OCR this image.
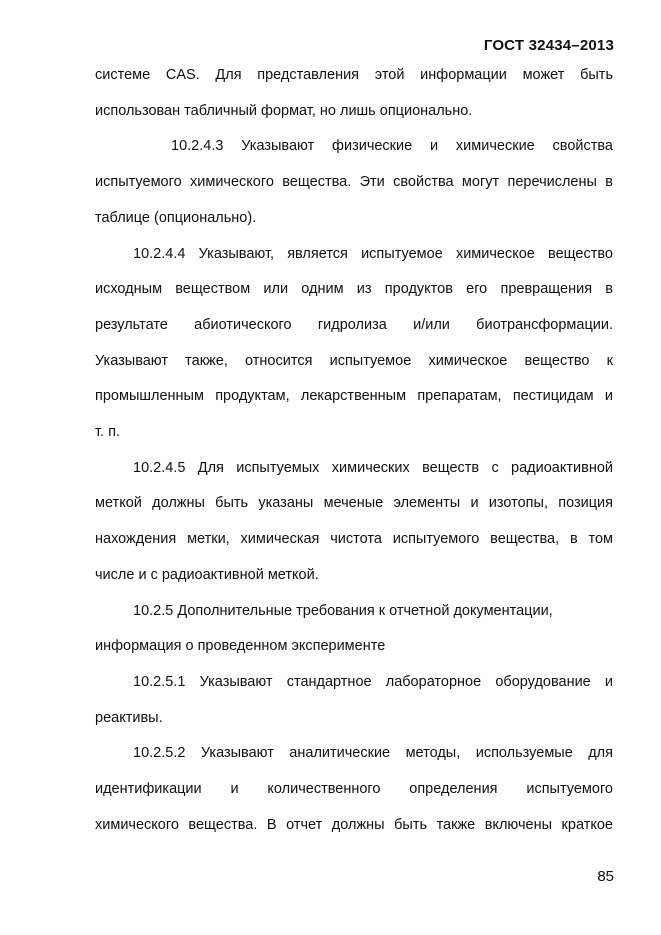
ГОСТ 32434–2013
системе CAS. Для представления этой информации может быть
использован табличный формат, но лишь опционально.
10.2.4.3 Указывают физические и химические свойства
испытуемого химического вещества. Эти свойства могут перечислены в
таблице (опционально).
10.2.4.4 Указывают, является испытуемое химическое вещество
исходным веществом или одним из продуктов его превращения в
результате абиотического гидролиза и/или биотрансформации.
Указывают также, относится испытуемое химическое вещество к
промышленным продуктам, лекарственным препаратам, пестицидам и
т. п.
10.2.4.5 Для испытуемых химических веществ с радиоактивной
меткой должны быть указаны меченые элементы и изотопы, позиция
нахождения метки, химическая чистота испытуемого вещества, в том
числе и с радиоактивной меткой.
10.2.5 Дополнительные требования к отчетной документации,
информация о проведенном эксперименте
10.2.5.1 Указывают стандартное лабораторное оборудование и
реактивы.
10.2.5.2 Указывают аналитические методы, используемые для
идентификации и количественного определения испытуемого
химического вещества. В отчет должны быть также включены краткое
85
